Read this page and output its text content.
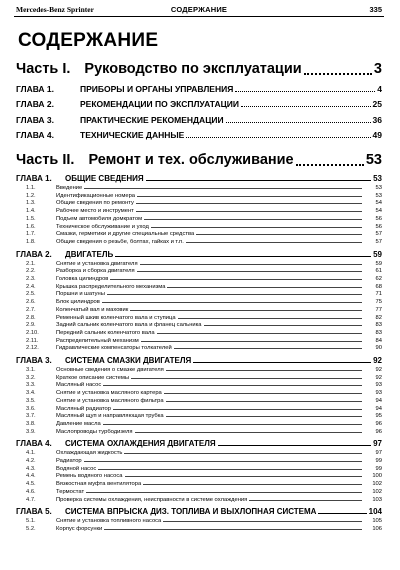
Mercedes-Benz Sprinter	СОДЕРЖАНИЕ	335
СОДЕРЖАНИЕ
Часть I. Руководство по эксплуатации	3
ГЛАВА 1.	ПРИБОРЫ И ОРГАНЫ УПРАВЛЕНИЯ	4
ГЛАВА 2.	РЕКОМЕНДАЦИИ ПО ЭКСПЛУАТАЦИИ	25
ГЛАВА 3.	ПРАКТИЧЕСКИЕ РЕКОМЕНДАЦИИ	36
ГЛАВА 4.	ТЕХНИЧЕСКИЕ ДАННЫЕ	49
Часть II. Ремонт и тех. обслуживание	53
ГЛАВА 1.	ОБЩИЕ СВЕДЕНИЯ	53
1.1.	Введение	53
1.2.	Идентификационные номера	53
1.3.	Общие сведения по ремонту	54
1.4.	Рабочее место и инструмент	54
1.5.	Подъем автомобиля домкратом	56
1.6.	Техническое обслуживание и уход	56
1.7.	Смазки, герметики и другие специальные средства	57
1.8.	Общие сведения о резьбе, болтах, гайках и т.п.	57
ГЛАВА 2.	ДВИГАТЕЛЬ	59
2.1.	Снятие и установка двигателя	59
2.2.	Разборка и сборка двигателя	61
2.3.	Головка цилиндров	62
2.4.	Крышка распределительного механизма	68
2.5.	Поршни и шатуны	71
2.6.	Блок цилиндров	75
2.7.	Коленчатый вал и маховик	77
2.8.	Ременный шкив коленчатого вала и ступица	82
2.9.	Задний сальник коленчатого вала и фланец сальника	83
2.10.	Передний сальник коленчатого вала	83
2.11.	Распределительный механизм	84
2.12.	Гидравлические компенсаторы толкателей	90
ГЛАВА 3.	СИСТЕМА СМАЗКИ ДВИГАТЕЛЯ	92
3.1.	Основные сведения о смазке двигателя	92
3.2.	Краткое описание системы	92
3.3.	Масляный насос	93
3.4.	Снятие и установка масляного картера	93
3.5.	Снятие и установка масляного фильтра	94
3.6.	Масляный радиатор	94
3.7.	Масляный щуп и направляющая трубка	95
3.8.	Давление масла	96
3.9.	Маслопроводы турбодизеля	96
ГЛАВА 4.	СИСТЕМА ОХЛАЖДЕНИЯ ДВИГАТЕЛЯ	97
4.1.	Охлаждающая жидкость	97
4.2.	Радиатор	99
4.3.	Водяной насос	99
4.4.	Ремень водяного насоса	100
4.5.	Вязкостная муфта вентилятора	102
4.6.	Термостат	102
4.7.	Проверка системы охлаждения, неисправности в системе охлаждения	103
ГЛАВА 5.	СИСТЕМА ВПРЫСКА ДИЗ. ТОПЛИВА И ВЫХЛОПНАЯ СИСТЕМА	104
5.1.	Снятие и установка топливного насоса	105
5.2.	Корпус форсунки	106
